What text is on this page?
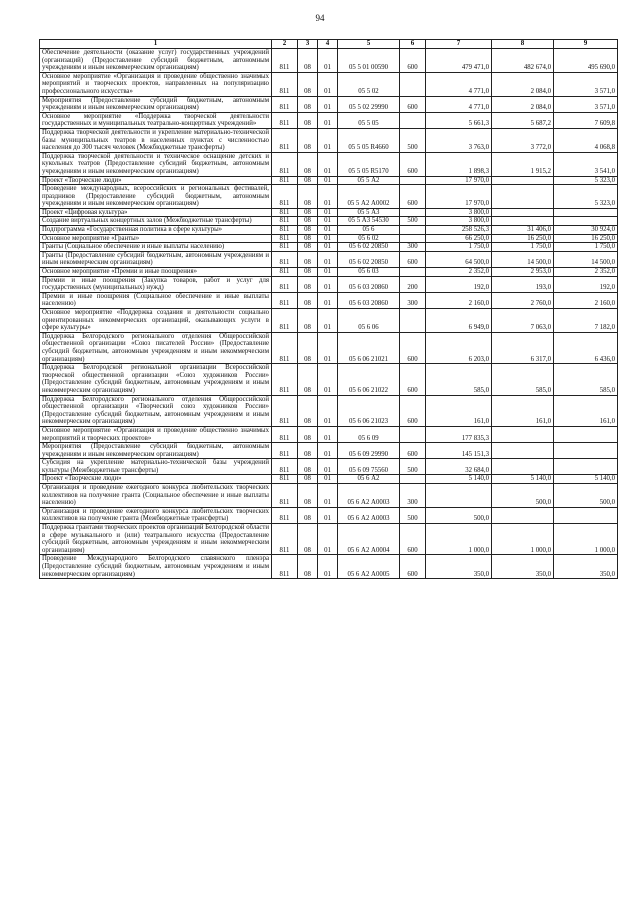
94
1	2	3	4	5	6	7	8	9
Обеспечение деятельности (оказание услуг) государственных учреждений (организаций) (Предоставление субсидий бюджетным, автономным учреждениям и иным некоммерческим организациям)	811	08	01	05 5 01 00590	600	479 471,0	482 674,0	495 690,0
Основное мероприятие «Организация и проведение общественно значимых мероприятий и творческих проектов, направленных на популяризацию профессионального искусства»	811	08	01	05 5 02		4 771,0	2 084,0	3 571,0
Мероприятия (Предоставление субсидий бюджетным, автономным учреждениям и иным некоммерческим организациям)	811	08	01	05 5 02 29990	600	4 771,0	2 084,0	3 571,0
Основное мероприятие «Поддержка творческой деятельности государственных и муниципальных театрально-концертных учреждений»	811	08	01	05 5 05		5 661,3	5 687,2	7 609,8
Поддержка творческой деятельности и укрепление материально-технической базы муниципальных театров в населенных пунктах с численностью населения до 300 тысяч человек (Межбюджетные трансферты)	811	08	01	05 5 05 R4660	500	3 763,0	3 772,0	4 068,8
Поддержка творческой деятельности и техническое оснащение детских и кукольных театров (Предоставление субсидий бюджетным, автономным учреждениям и иным некоммерческим организациям)	811	08	01	05 5 05 R5170	600	1 898,3	1 915,2	3 541,0
Проект «Творческие люди»	811	08	01	05 5 А2		17 970,0		5 323,0
Проведение международных, всероссийских и региональных фестивалей, праздников (Предоставление субсидий бюджетным, автономным учреждениям и иным некоммерческим организациям)	811	08	01	05 5 А2 А0002	600	17 970,0		5 323,0
Проект «Цифровая культура»	811	08	01	05 5 А3		3 800,0		
Создание виртуальных концертных залов (Межбюджетные трансферты)	811	08	01	05 5 А3 54530	500	3 800,0		
Подпрограмма «Государственная политика в сфере культуры»	811	08	01	05 6		258 526,3	31 406,0	30 924,0
Основное мероприятие «Гранты»	811	08	01	05 6 02		66 250,0	16 250,0	16 250,0
Гранты (Социальное обеспечение и иные выплаты населению)	811	08	01	05 6 02 20850	300	1 750,0	1 750,0	1 750,0
Гранты (Предоставление субсидий бюджетным, автономным учреждениям и иным некоммерческим организациям)	811	08	01	05 6 02 20850	600	64 500,0	14 500,0	14 500,0
Основное мероприятие «Премии и иные поощрения»	811	08	01	05 6 03		2 352,0	2 953,0	2 352,0
Премии и иные поощрения (Закупка товаров, работ и услуг для государственных (муниципальных) нужд)	811	08	01	05 6 03 20860	200	192,0	193,0	192,0
Премии и иные поощрения (Социальное обеспечение и иные выплаты населению)	811	08	01	05 6 03 20860	300	2 160,0	2 760,0	2 160,0
Основное мероприятие «Поддержка создания и деятельности социально ориентированных некоммерческих организаций, оказывающих услуги в сфере культуры»	811	08	01	05 6 06		6 949,0	7 063,0	7 182,0
Поддержка Белгородского регионального отделения Общероссийской общественной организации «Союз писателей России» (Предоставление субсидий бюджетным, автономным учреждениям и иным некоммерческим организациям)	811	08	01	05 6 06 21021	600	6 203,0	6 317,0	6 436,0
Поддержка Белгородской региональной организации Всероссийской творческой общественной организации «Союз художников России» (Предоставление субсидий бюджетным, автономным учреждениям и иным некоммерческим организациям)	811	08	01	05 6 06 21022	600	585,0	585,0	585,0
Поддержка Белгородского регионального отделения Общероссийской общественной организации «Творческий союз художников России» (Предоставление субсидий бюджетным, автономным учреждениям и иным некоммерческим организациям)	811	08	01	05 6 06 21023	600	161,0	161,0	161,0
Основное мероприятие «Организация и проведение общественно значимых мероприятий и творческих проектов»	811	08	01	05 6 09		177 835,3		
Мероприятия (Предоставление субсидий бюджетным, автономным учреждениям и иным некоммерческим организациям)	811	08	01	05 6 09 29990	600	145 151,3		
Субсидия на укрепление материально-технической базы учреждений культуры (Межбюджетные трансферты)	811	08	01	05 6 09 75560	500	32 684,0		
Проект «Творческие люди»	811	08	01	05 6 А2		5 140,0	5 140,0	5 140,0
Организация и проведение ежегодного конкурса любительских творческих коллективов на получение гранта (Социальное обеспечение и иные выплаты населению)	811	08	01	05 6 А2 А0003	300		500,0	500,0
Организация и проведение ежегодного конкурса любительских творческих коллективов на получение гранта (Межбюджетные трансферты)	811	08	01	05 6 А2 А0003	500	500,0		
Поддержка грантами творческих проектов организаций Белгородской области в сфере музыкального и (или) театрального искусства (Предоставление субсидий бюджетным, автономным учреждениям и иным некоммерческим организациям)	811	08	01	05 6 А2 А0004	600	1 000,0	1 000,0	1 000,0
Проведение Международного Белгородского славянского пленэра (Предоставление субсидий бюджетным, автономным учреждениям и иным некоммерческим организациям)	811	08	01	05 6 А2 А0005	600	350,0	350,0	350,0
